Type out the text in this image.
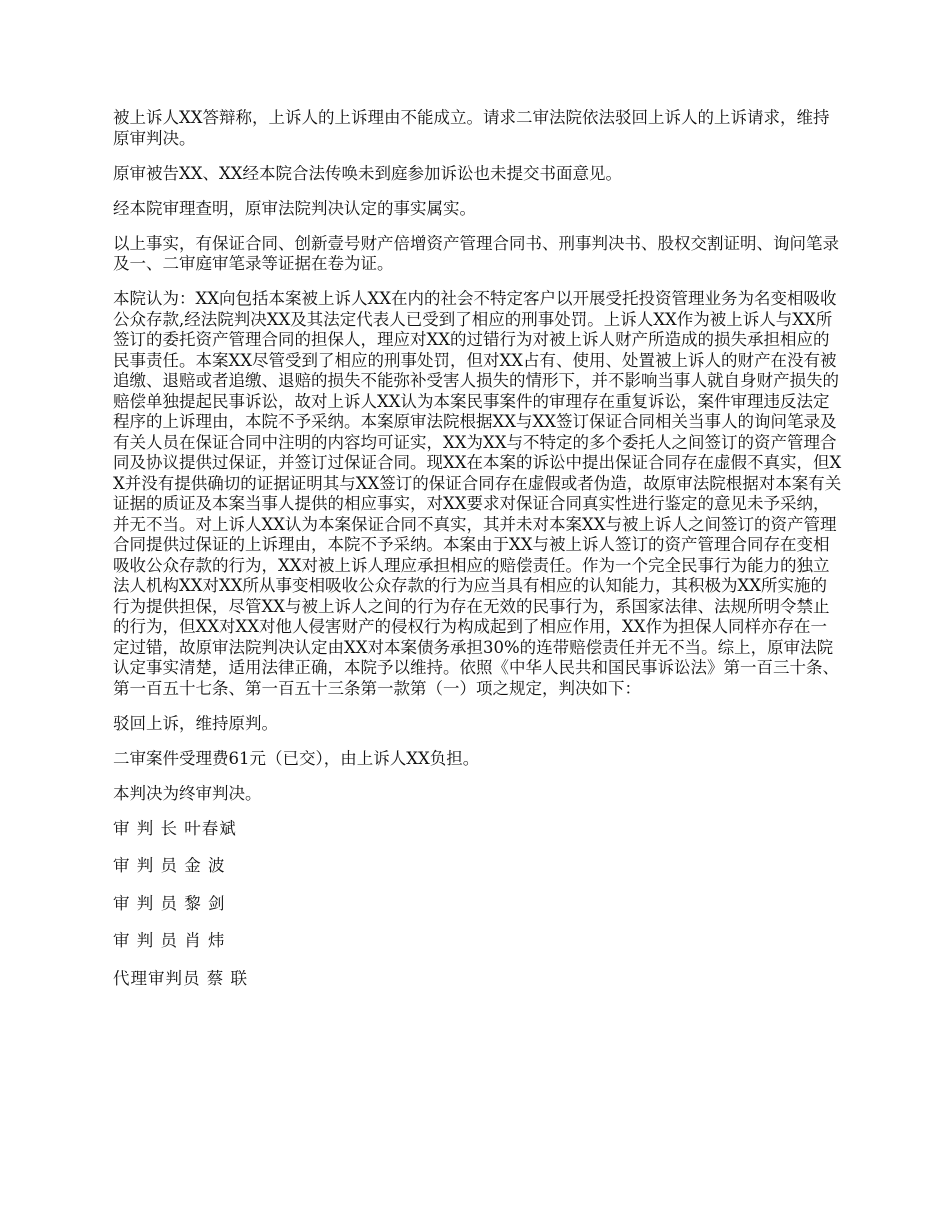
被上诉人XX答辩称，上诉人的上诉理由不能成立。请求二审法院依法驳回上诉人的上诉请求，维持原审判决。

原审被告XX、XX经本院合法传唤未到庭参加诉讼也未提交书面意见。

经本院审理查明，原审法院判决认定的事实属实。

以上事实，有保证合同、创新壹号财产倍增资产管理合同书、刑事判决书、股权交割证明、询问笔录及一、二审庭审笔录等证据在卷为证。

本院认为：XX向包括本案被上诉人XX在内的社会不特定客户以开展受托投资管理业务为名变相吸收公众存款,经法院判决XX及其法定代表人已受到了相应的刑事处罚。上诉人XX作为被上诉人与XX所签订的委托资产管理合同的担保人，理应对XX的过错行为对被上诉人财产所造成的损失承担相应的民事责任。本案XX尽管受到了相应的刑事处罚，但对XX占有、使用、处置被上诉人的财产在没有被追缴、退赔或者追缴、退赔的损失不能弥补受害人损失的情形下，并不影响当事人就自身财产损失的赔偿单独提起民事诉讼，故对上诉人XX认为本案民事案件的审理存在重复诉讼，案件审理违反法定程序的上诉理由，本院不予采纳。本案原审法院根据XX与XX签订保证合同相关当事人的询问笔录及有关人员在保证合同中注明的内容均可证实，XX为XX与不特定的多个委托人之间签订的资产管理合同及协议提供过保证，并签订过保证合同。现XX在本案的诉讼中提出保证合同存在虚假不真实，但XX并没有提供确切的证据证明其与XX签订的保证合同存在虚假或者伪造，故原审法院根据对本案有关证据的质证及本案当事人提供的相应事实，对XX要求对保证合同真实性进行鉴定的意见未予采纳，并无不当。对上诉人XX认为本案保证合同不真实，其并未对本案XX与被上诉人之间签订的资产管理合同提供过保证的上诉理由，本院不予采纳。本案由于XX与被上诉人签订的资产管理合同存在变相吸收公众存款的行为，XX对被上诉人理应承担相应的赔偿责任。作为一个完全民事行为能力的独立法人机构XX对XX所从事变相吸收公众存款的行为应当具有相应的认知能力，其积极为XX所实施的行为提供担保，尽管XX与被上诉人之间的行为存在无效的民事行为，系国家法律、法规所明令禁止的行为，但XX对XX对他人侵害财产的侵权行为构成起到了相应作用，XX作为担保人同样亦存在一定过错，故原审法院判决认定由XX对本案债务承担30%的连带赔偿责任并无不当。综上，原审法院认定事实清楚，适用法律正确，本院予以维持。依照《中华人民共和国民事诉讼法》第一百三十条、第一百五十七条、第一百五十三条第一款第（一）项之规定，判决如下：

驳回上诉，维持原判。

二审案件受理费61元（已交），由上诉人XX负担。

本判决为终审判决。

审 判 长 叶春斌

审 判 员 金 波

审 判 员 黎 剑

审 判 员 肖 炜

代理审判员 蔡 联
